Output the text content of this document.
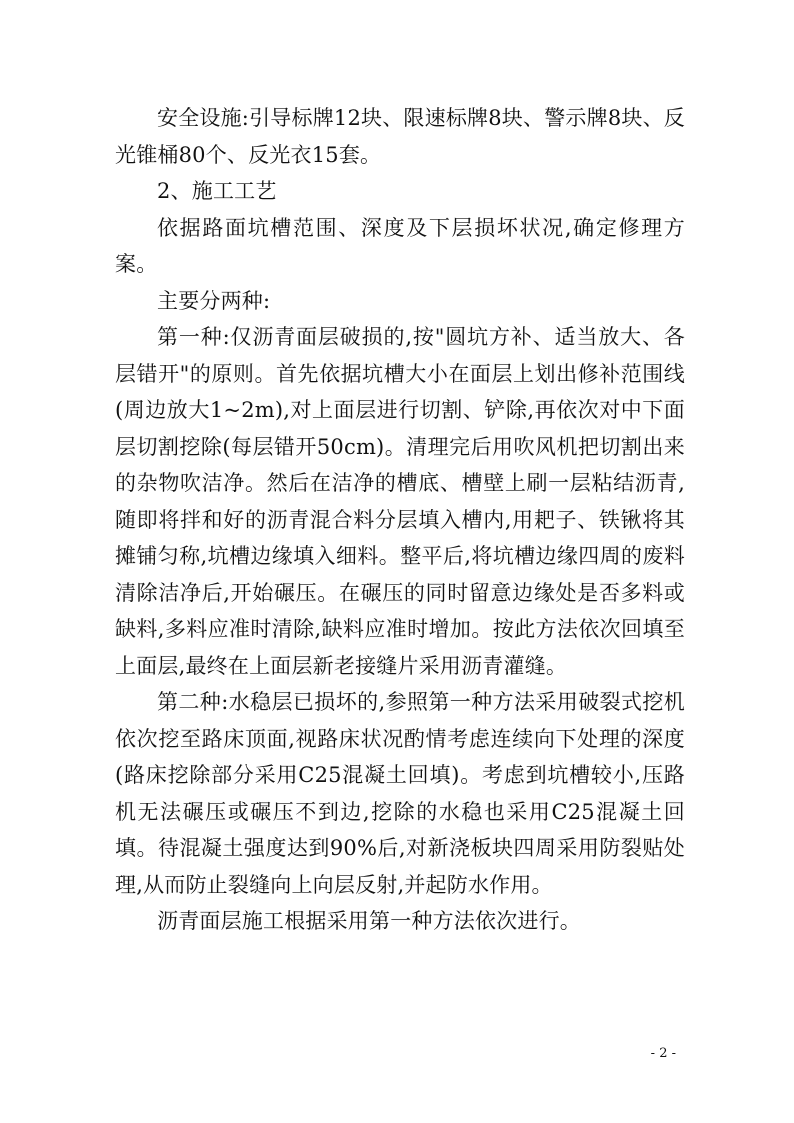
安全设施:引导标牌12块、限速标牌8块、警示牌8块、反光锥桶80个、反光衣15套。

2、施工工艺

依据路面坑槽范围、深度及下层损坏状况,确定修理方案。

主要分两种:

第一种:仅沥青面层破损的,按"圆坑方补、适当放大、各层错开"的原则。首先依据坑槽大小在面层上划出修补范围线(周边放大1~2m),对上面层进行切割、铲除,再依次对中下面层切割挖除(每层错开50cm)。清理完后用吹风机把切割出来的杂物吹洁净。然后在洁净的槽底、槽壁上刷一层粘结沥青,随即将拌和好的沥青混合料分层填入槽内,用耙子、铁锹将其摊铺匀称,坑槽边缘填入细料。整平后,将坑槽边缘四周的废料清除洁净后,开始碾压。在碾压的同时留意边缘处是否多料或缺料,多料应准时清除,缺料应准时增加。按此方法依次回填至上面层,最终在上面层新老接缝片采用沥青灌缝。

第二种:水稳层已损坏的,参照第一种方法采用破裂式挖机依次挖至路床顶面,视路床状况酌情考虑连续向下处理的深度(路床挖除部分采用C25混凝土回填)。考虑到坑槽较小,压路机无法碾压或碾压不到边,挖除的水稳也采用C25混凝土回填。待混凝土强度达到90%后,对新浇板块四周采用防裂贴处理,从而防止裂缝向上向层反射,并起防水作用。

沥青面层施工根据采用第一种方法依次进行。

- 2 -
